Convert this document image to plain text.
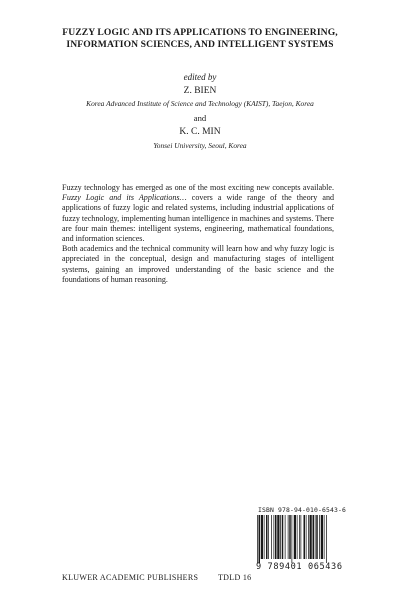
FUZZY LOGIC AND ITS APPLICATIONS TO ENGINEERING,
INFORMATION SCIENCES, AND INTELLIGENT SYSTEMS
edited by
Z. BIEN
Korea Advanced Institute of Science and Technology (KAIST), Taejon, Korea
and
K. C. MIN
Yonsei University, Seoul, Korea

Fuzzy technology has emerged as one of the most exciting new concepts available. Fuzzy Logic and its Applications… covers a wide range of the theory and applications of fuzzy logic and related systems, including industrial applications of fuzzy technology, implementing human intelligence in machines and systems. There are four main themes: intelligent systems, engineering, mathematical foundations, and information sciences.

Both academics and the technical community will learn how and why fuzzy logic is appreciated in the conceptual, design and manufacturing stages of intelligent systems, gaining an improved understanding of the basic science and the foundations of human reasoning.

ISBN 978-94-010-6543-6
9 789401 065436
KLUWER ACADEMIC PUBLISHERS TDLD 16
